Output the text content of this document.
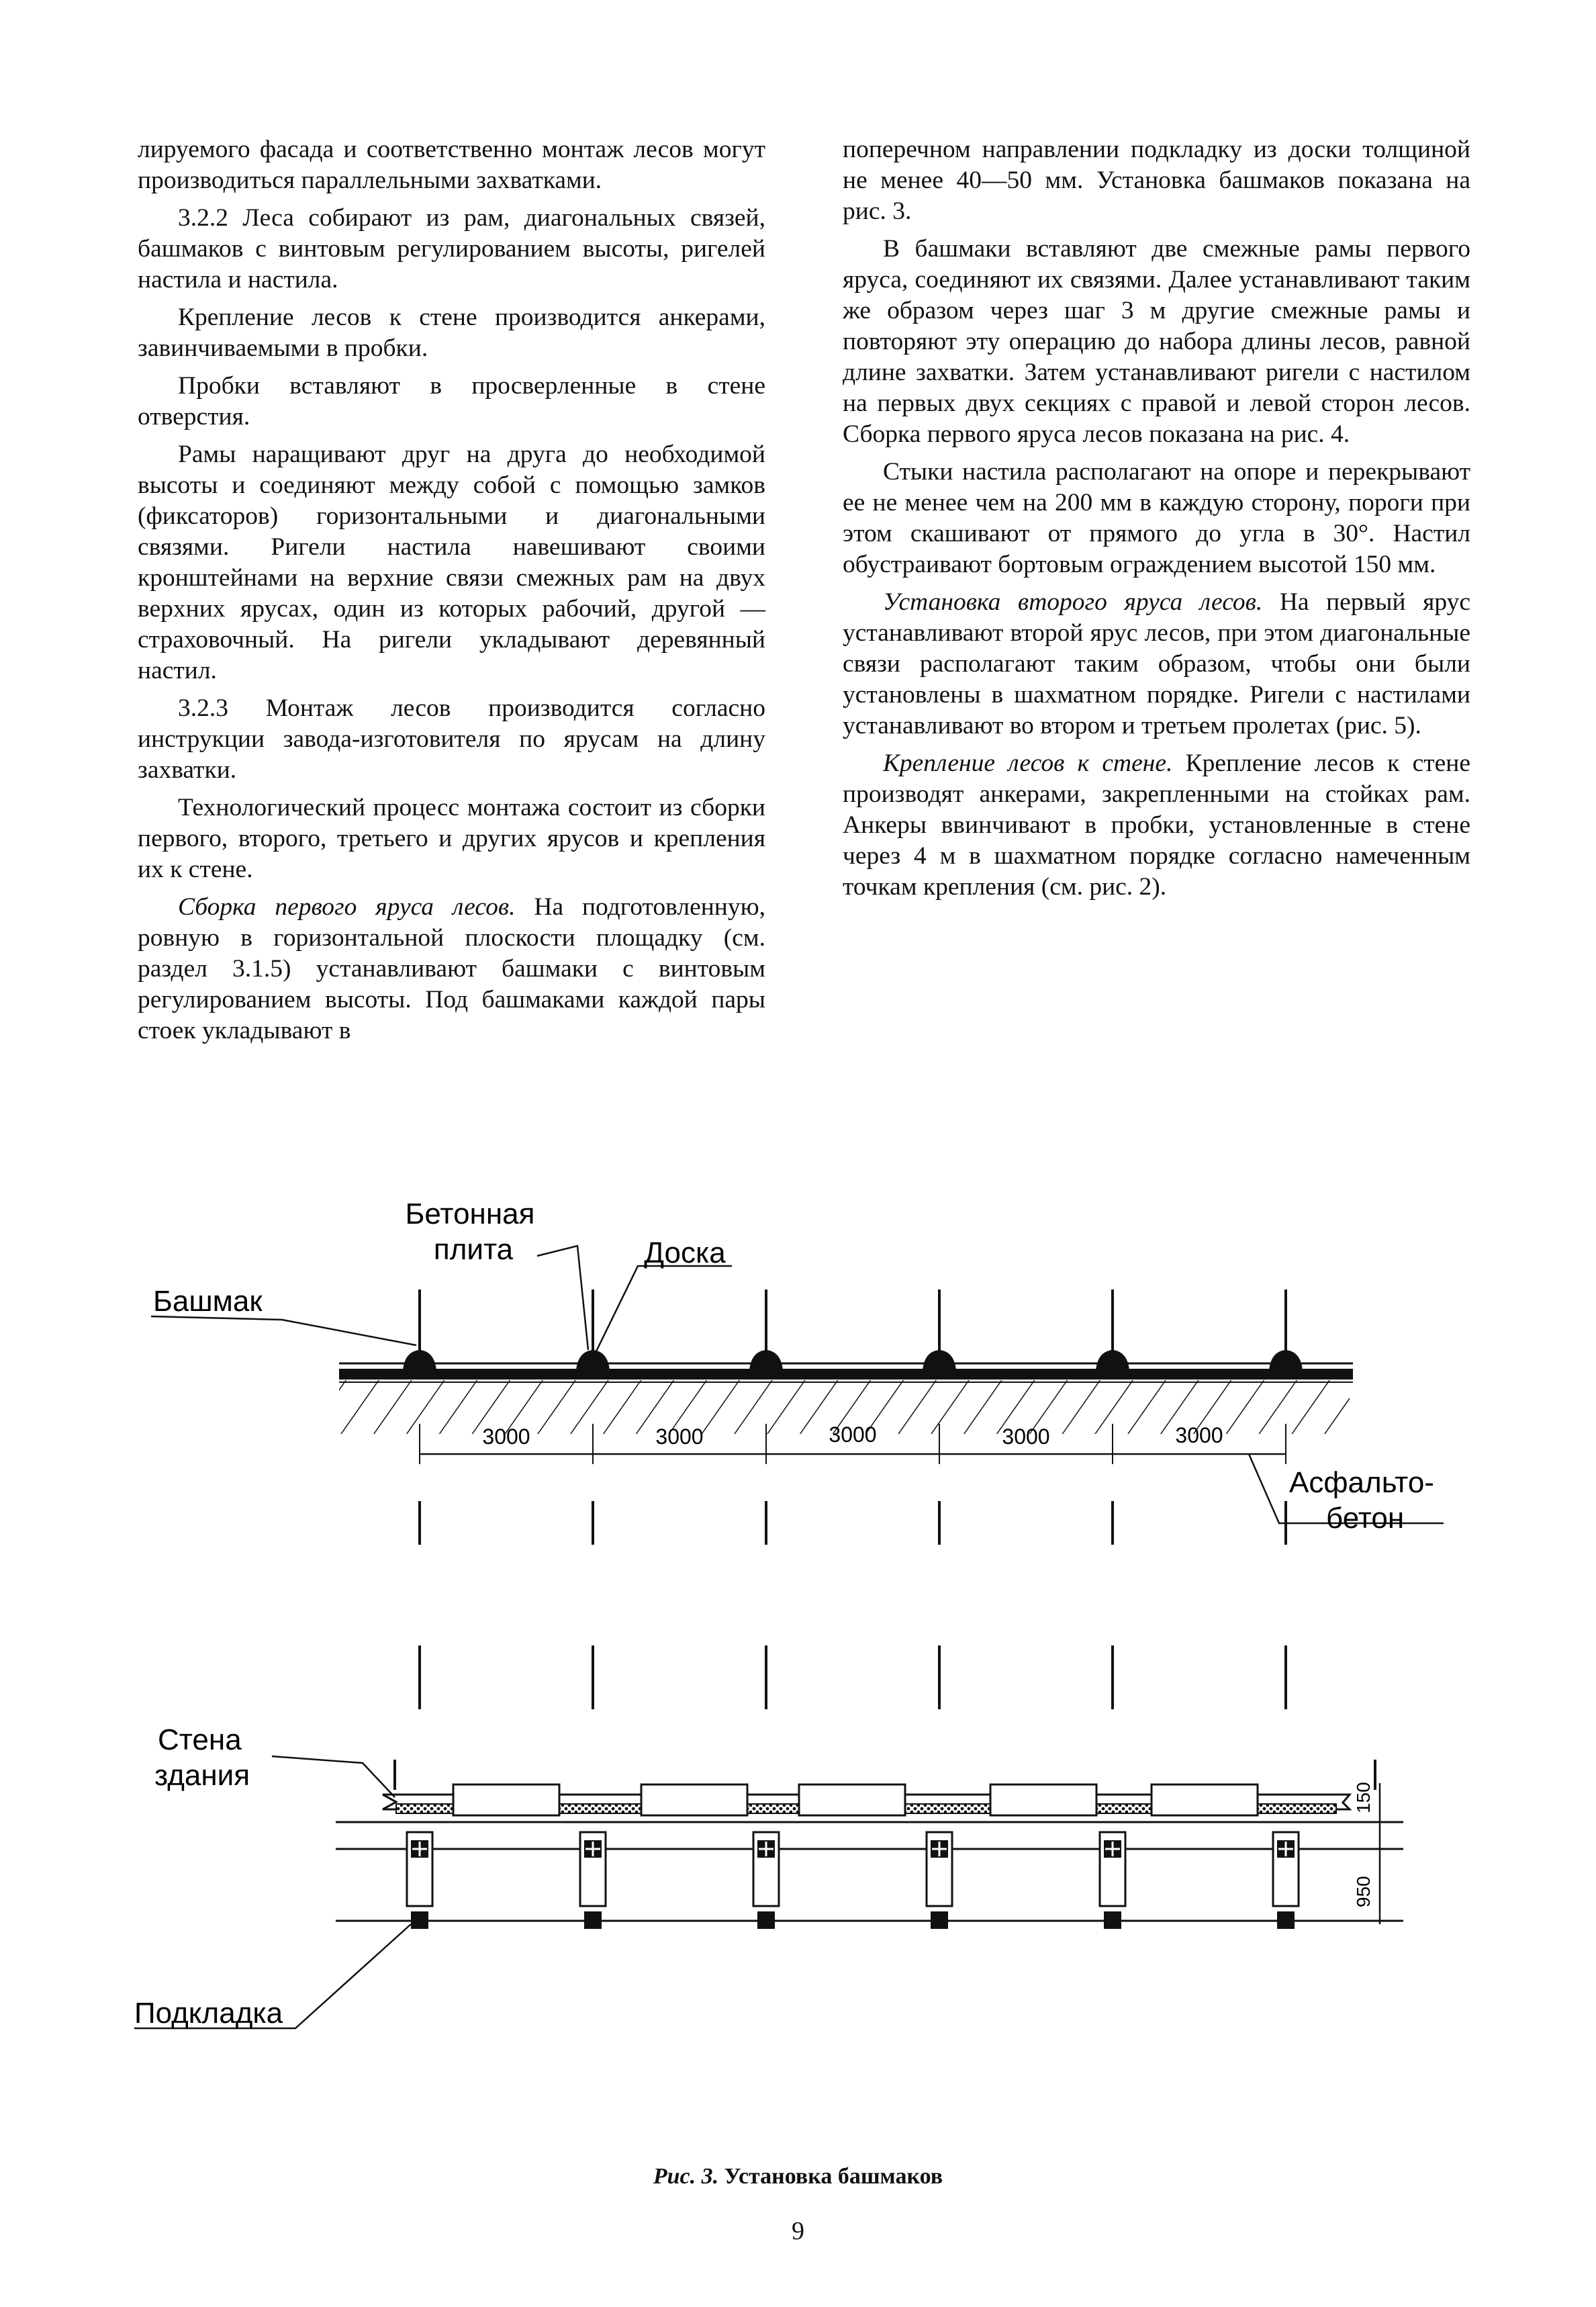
лируемого фасада и соответственно монтаж лесов могут производиться параллельными захватками.

3.2.2 Леса собирают из рам, диагональных связей, башмаков с винтовым регулированием высоты, ригелей настила и настила.

Крепление лесов к стене производится анкерами, завинчиваемыми в пробки.

Пробки вставляют в просверленные в стене отверстия.

Рамы наращивают друг на друга до необходимой высоты и соединяют между собой с помощью замков (фиксаторов) горизонтальными и диагональными связями. Ригели настила навешивают своими кронштейнами на верхние связи смежных рам на двух верхних ярусах, один из которых рабочий, другой — страховочный. На ригели укладывают деревянный настил.

3.2.3 Монтаж лесов производится согласно инструкции завода-изготовителя по ярусам на длину захватки.

Технологический процесс монтажа состоит из сборки первого, второго, третьего и других ярусов и крепления их к стене.

Сборка первого яруса лесов. На подготовленную, ровную в горизонтальной плоскости площадку (см. раздел 3.1.5) устанавливают башмаки с винтовым регулированием высоты. Под башмаками каждой пары стоек укладывают в

поперечном направлении подкладку из доски толщиной не менее 40—50 мм. Установка башмаков показана на рис. 3.

В башмаки вставляют две смежные рамы первого яруса, соединяют их связями. Далее устанавливают таким же образом через шаг 3 м другие смежные рамы и повторяют эту операцию до набора длины лесов, равной длине захватки. Затем устанавливают ригели с настилом на первых двух секциях с правой и левой сторон лесов. Сборка первого яруса лесов показана на рис. 4.

Стыки настила располагают на опоре и перекрывают ее не менее чем на 200 мм в каждую сторону, пороги при этом скашивают от прямого до угла в 30°. Настил обустраивают бортовым ограждением высотой 150 мм.

Установка второго яруса лесов. На первый ярус устанавливают второй ярус лесов, при этом диагональные связи располагают таким образом, чтобы они были установлены в шахматном порядке. Ригели с настилами устанавливают во втором и третьем пролетах (рис. 5).

Крепление лесов к стене. Крепление лесов к стене производят анкерами, закрепленными на стойках рам. Анкеры ввинчивают в пробки, установленные в стене через 4 м в шахматном порядке согласно намеченным точкам крепления (см. рис. 2).

3000	3000	3000	3000	3000
Бетонная
плита	Доска
Башмак
Асфальто-
бетон
150
950
Стена
здания
Подкладка
Рис. 3. Установка башмаков
9
